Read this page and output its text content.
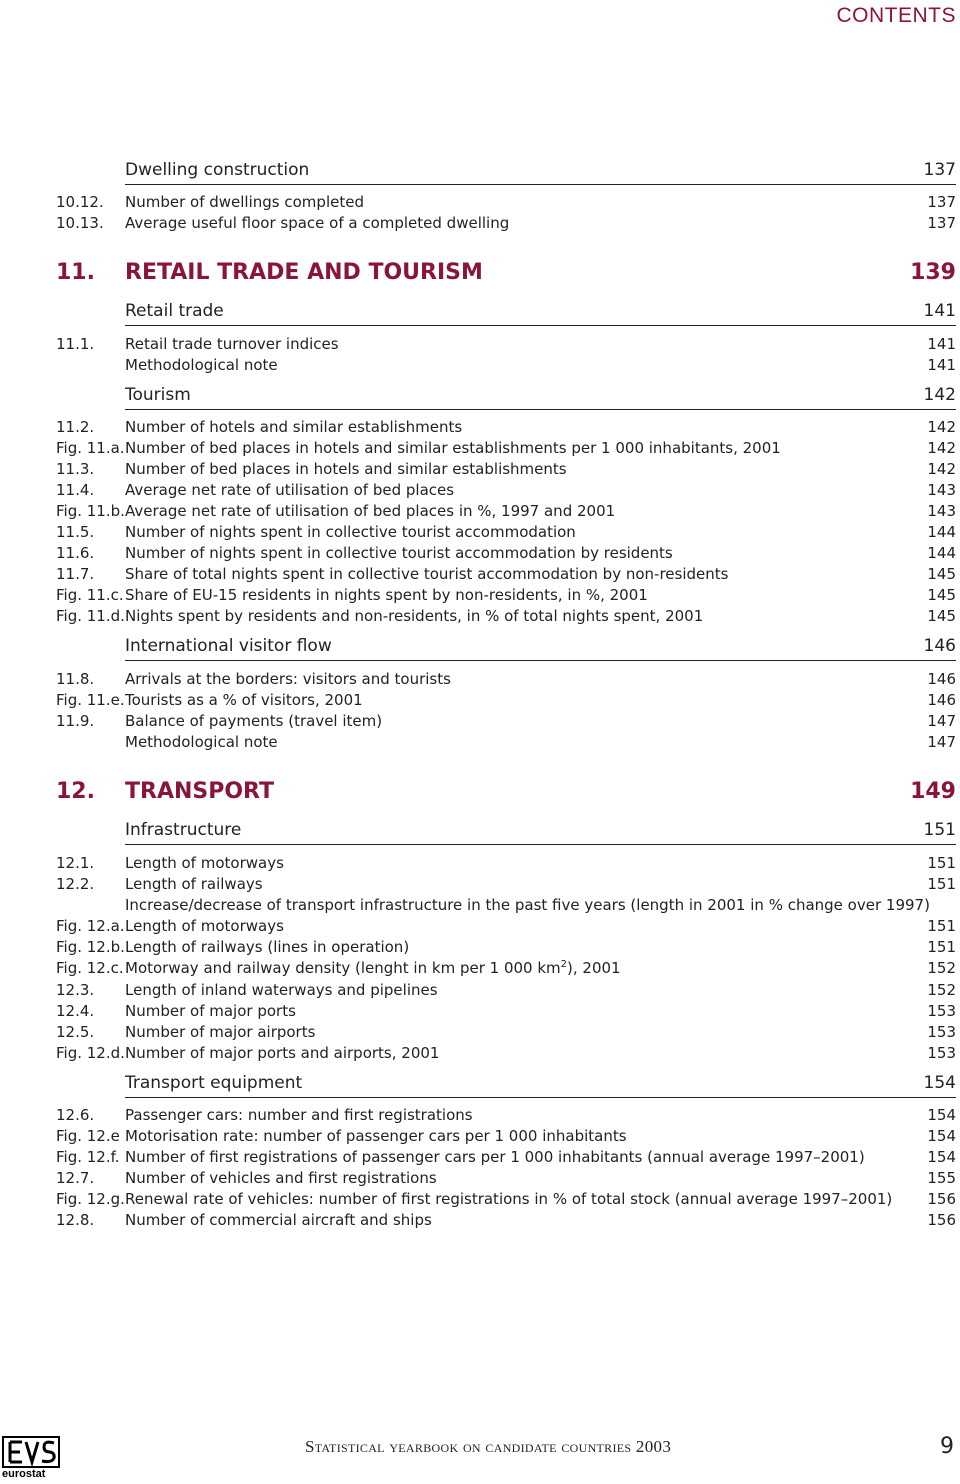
CONTENTS
Dwelling construction	137
10.12. Number of dwellings completed	137
10.13. Average useful floor space of a completed dwelling	137
11. RETAIL TRADE AND TOURISM	139
Retail trade	141
11.1. Retail trade turnover indices	141
Methodological note	141
Tourism	142
11.2. Number of hotels and similar establishments	142
Fig. 11.a. Number of bed places in hotels and similar establishments per 1 000 inhabitants, 2001	142
11.3. Number of bed places in hotels and similar establishments	142
11.4. Average net rate of utilisation of bed places	143
Fig. 11.b. Average net rate of utilisation of bed places in %, 1997 and 2001	143
11.5. Number of nights spent in collective tourist accommodation	144
11.6. Number of nights spent in collective tourist accommodation by residents	144
11.7. Share of total nights spent in collective tourist accommodation by non-residents	145
Fig. 11.c. Share of EU-15 residents in nights spent by non-residents, in %, 2001	145
Fig. 11.d. Nights spent by residents and non-residents, in % of total nights spent, 2001	145
International visitor flow	146
11.8. Arrivals at the borders: visitors and tourists	146
Fig. 11.e. Tourists as a % of visitors, 2001	146
11.9. Balance of payments (travel item)	147
Methodological note	147
12. TRANSPORT	149
Infrastructure	151
12.1. Length of motorways	151
12.2. Length of railways	151
Increase/decrease of transport infrastructure in the past five years (length in 2001 in % change over 1997)
Fig. 12.a. Length of motorways	151
Fig. 12.b. Length of railways (lines in operation)	151
Fig. 12.c. Motorway and railway density (lenght in km per 1 000 $km^2$), 2001	152
12.3. Length of inland waterways and pipelines	152
12.4. Number of major ports	153
12.5. Number of major airports	153
Fig. 12.d. Number of major ports and airports, 2001	153
Transport equipment	154
12.6. Passenger cars: number and first registrations	154
Fig. 12.e Motorisation rate: number of passenger cars per 1 000 inhabitants	154
Fig. 12.f. Number of first registrations of passenger cars per 1 000 inhabitants (annual average 1997–2001)	154
12.7. Number of vehicles and first registrations	155
Fig. 12.g. Renewal rate of vehicles: number of first registrations in % of total stock (annual average 1997–2001) 156
12.8. Number of commercial aircraft and ships	156
eurostat
Statistical yearbook on candidate countries 2003	9
